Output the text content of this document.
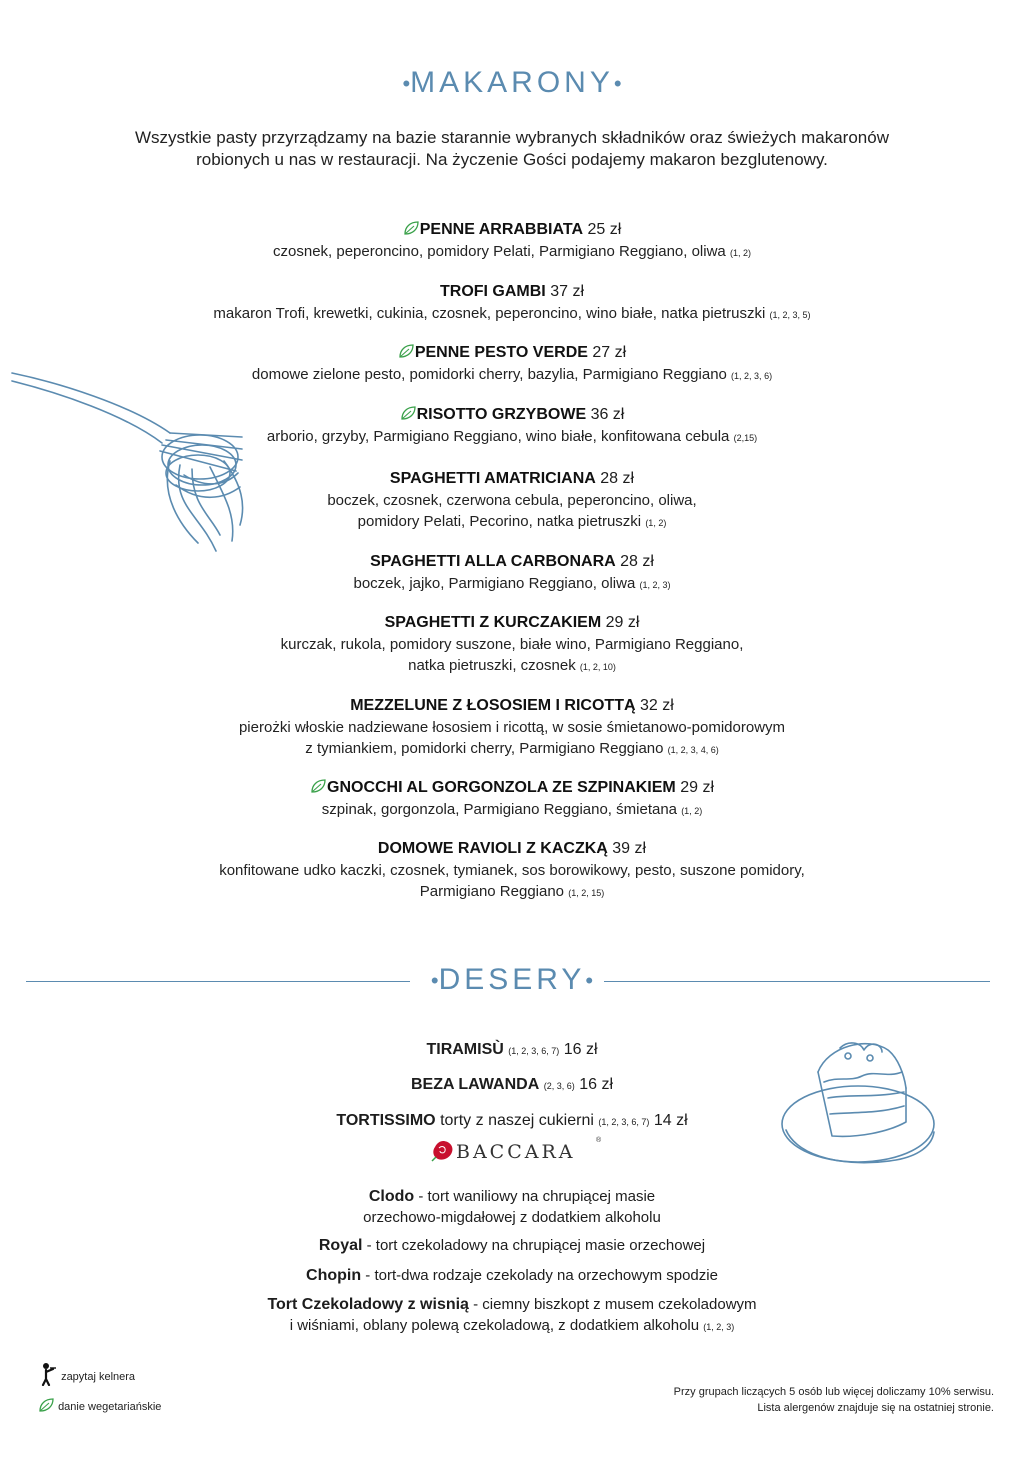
•MAKARONY•
Wszystkie pasty przyrządzamy na bazie starannie wybranych składników oraz świeżych makaronów
robionych u nas w restauracji. Na życzenie Gości podajemy makaron bezglutenowy.
PENNE ARRABBIATA 25 zł
czosnek, peperoncino, pomidory Pelati, Parmigiano Reggiano, oliwa (1, 2)
TROFI GAMBI 37 zł
makaron Trofi, krewetki, cukinia, czosnek, peperoncino, wino białe, natka pietruszki (1, 2, 3, 5)
PENNE PESTO VERDE 27 zł
domowe zielone pesto, pomidorki cherry, bazylia, Parmigiano Reggiano (1, 2, 3, 6)
RISOTTO GRZYBOWE 36 zł
arborio, grzyby, Parmigiano Reggiano, wino białe, konfitowana cebula (2,15)
SPAGHETTI AMATRICIANA 28 zł
boczek, czosnek, czerwona cebula, peperoncino, oliwa,
pomidory Pelati, Pecorino, natka pietruszki (1, 2)
SPAGHETTI ALLA CARBONARA 28 zł
boczek, jajko, Parmigiano Reggiano, oliwa (1, 2, 3)
SPAGHETTI Z KURCZAKIEM 29 zł
kurczak, rukola, pomidory suszone, białe wino, Parmigiano Reggiano,
natka pietruszki, czosnek (1, 2, 10)
MEZZELUNE Z ŁOSOSIEM I RICOTTĄ 32 zł
pierożki włoskie nadziewane łososiem i ricottą, w sosie śmietanowo-pomidorowym
z tymiankiem, pomidorki cherry, Parmigiano Reggiano (1, 2, 3, 4, 6)
GNOCCHI AL GORGONZOLA ZE SZPINAKIEM 29 zł
szpinak, gorgonzola, Parmigiano Reggiano, śmietana (1, 2)
DOMOWE RAVIOLI Z KACZKĄ 39 zł
konfitowane udko kaczki, czosnek, tymianek, sos borowikowy, pesto, suszone pomidory,
Parmigiano Reggiano (1, 2, 15)
•DESERY•
TIRAMISÙ (1, 2, 3, 6, 7) 16 zł
BEZA LAWANDA (2, 3, 6) 16 zł
TORTISSIMO torty z naszej cukierni (1, 2, 3, 6, 7) 14 zł
BACCARA
®
Clodo - tort waniliowy na chrupiącej masie
orzechowo-migdałowej z dodatkiem alkoholu
Royal - tort czekoladowy na chrupiącej masie orzechowej
Chopin - tort-dwa rodzaje czekolady na orzechowym spodzie
Tort Czekoladowy z wisnią - ciemny biszkopt z musem czekoladowym
i wiśniami, oblany polewą czekoladową, z dodatkiem alkoholu (1, 2, 3)
zapytaj kelnera
danie wegetariańskie
Przy grupach liczących 5 osób lub więcej doliczamy 10% serwisu.
Lista alergenów znajduje się na ostatniej stronie.
